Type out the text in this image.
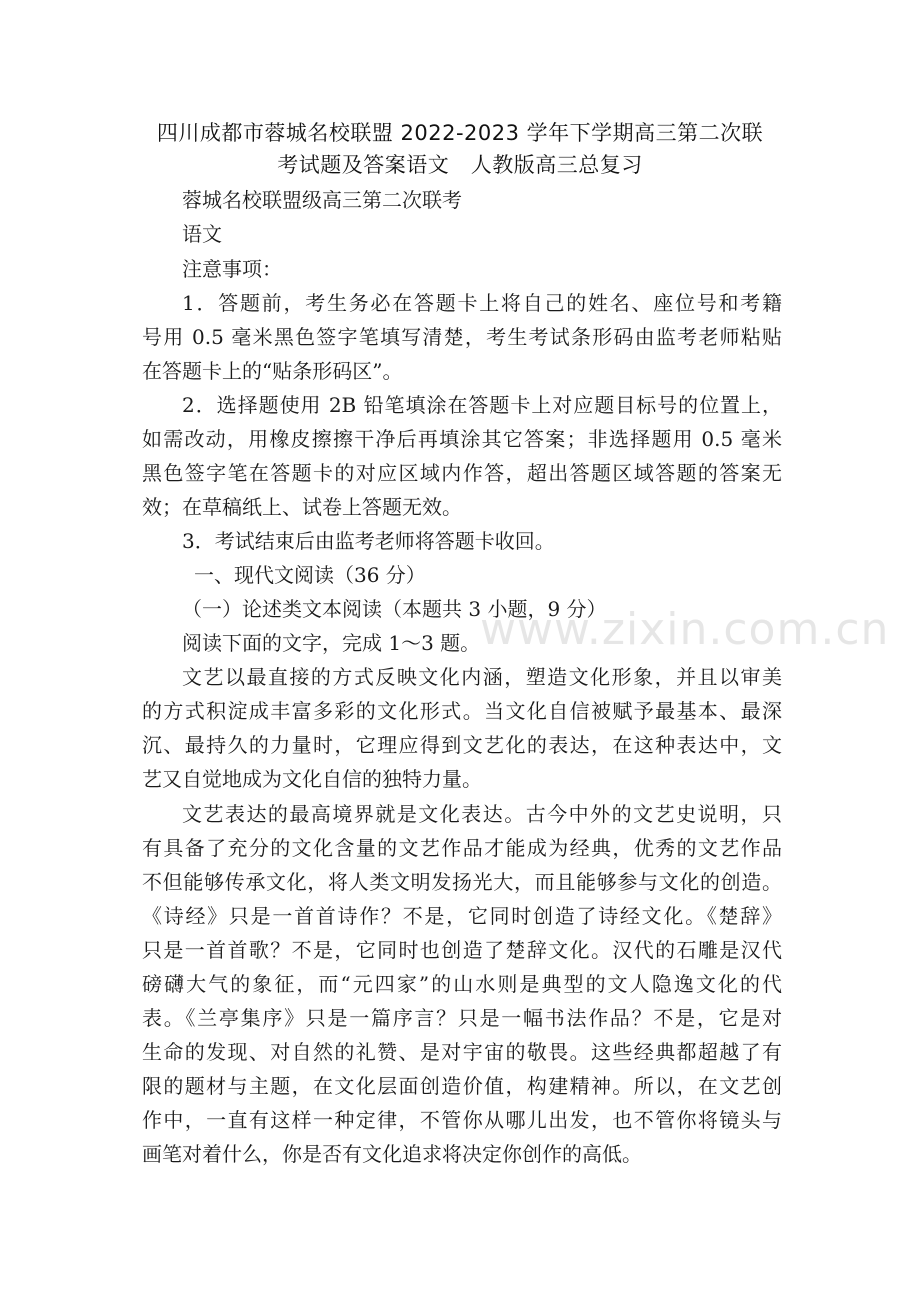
四川成都市蓉城名校联盟 2022-2023 学年下学期高三第二次联
考试题及答案语文　人教版高三总复习
蓉城名校联盟级高三第二次联考
语文
注意事项：
1．答题前，考生务必在答题卡上将自己的姓名、座位号和考籍
号用 0.5 毫米黑色签字笔填写清楚，考生考试条形码由监考老师粘贴
在答题卡上的“贴条形码区”。
2．选择题使用 2B 铅笔填涂在答题卡上对应题目标号的位置上，
如需改动，用橡皮擦擦干净后再填涂其它答案；非选择题用 0.5 毫米
黑色签字笔在答题卡的对应区域内作答，超出答题区域答题的答案无
效；在草稿纸上、试卷上答题无效。
3．考试结束后由监考老师将答题卡收回。
一、现代文阅读（36 分）
（一）论述类文本阅读（本题共 3 小题，9 分）
阅读下面的文字，完成 1～3 题。
文艺以最直接的方式反映文化内涵，塑造文化形象，并且以审美
的方式积淀成丰富多彩的文化形式。当文化自信被赋予最基本、最深
沉、最持久的力量时，它理应得到文艺化的表达，在这种表达中，文
艺又自觉地成为文化自信的独特力量。
文艺表达的最高境界就是文化表达。古今中外的文艺史说明，只
有具备了充分的文化含量的文艺作品才能成为经典，优秀的文艺作品
不但能够传承文化，将人类文明发扬光大，而且能够参与文化的创造。
《诗经》只是一首首诗作？不是，它同时创造了诗经文化。《楚辞》
只是一首首歌？不是，它同时也创造了楚辞文化。汉代的石雕是汉代
磅礴大气的象征，而“元四家”的山水则是典型的文人隐逸文化的代
表。《兰亭集序》只是一篇序言？只是一幅书法作品？不是，它是对
生命的发现、对自然的礼赞、是对宇宙的敬畏。这些经典都超越了有
限的题材与主题，在文化层面创造价值，构建精神。所以，在文艺创
作中，一直有这样一种定律，不管你从哪儿出发，也不管你将镜头与
画笔对着什么，你是否有文化追求将决定你创作的高低。
www.zixin.com.cn
